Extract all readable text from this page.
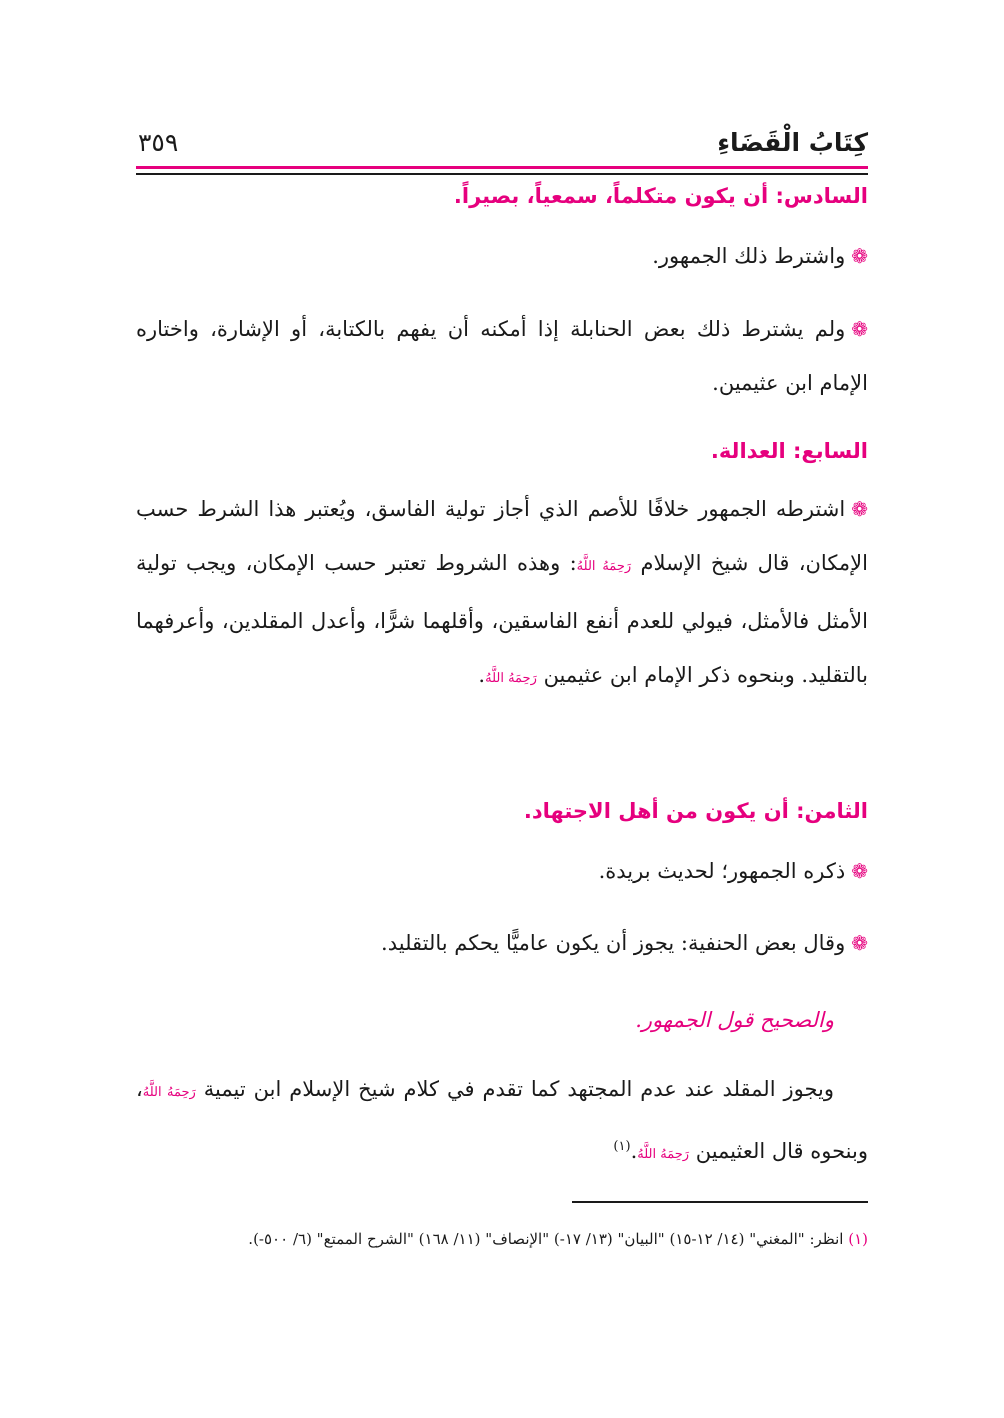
كِتَابُ الْقَضَاءِ
٣٥٩
السادس: أن يكون متكلماً، سمعياً، بصيراً.
❁واشترط ذلك الجمهور.
❁ولم يشترط ذلك بعض الحنابلة إذا أمكنه أن يفهم بالكتابة، أو الإشارة، واختاره الإمام ابن عثيمين.
السابع: العدالة.
❁اشترطه الجمهور خلافًا للأصم الذي أجاز تولية الفاسق، ويُعتبر هذا الشرط حسب الإمكان، قال شيخ الإسلام رَحِمَهُ اللَّهُ: وهذه الشروط تعتبر حسب الإمكان، ويجب تولية الأمثل فالأمثل، فيولي للعدم أنفع الفاسقين، وأقلهما شرًّا، وأعدل المقلدين، وأعرفهما بالتقليد. وبنحوه ذكر الإمام ابن عثيمين رَحِمَهُ اللَّهُ.
الثامن: أن يكون من أهل الاجتهاد.
❁ذكره الجمهور؛ لحديث بريدة.
❁وقال بعض الحنفية: يجوز أن يكون عاميًّا يحكم بالتقليد.
والصحيح قول الجمهور.
ويجوز المقلد عند عدم المجتهد كما تقدم في كلام شيخ الإسلام ابن تيمية رَحِمَهُ اللَّهُ، وبنحوه قال العثيمين رَحِمَهُ اللَّهُ.$^{(١)}$
(١) انظر: "المغني" (١٤/ ١٢-١٥) "البيان" (١٣/ ١٧-) "الإنصاف" (١١/ ١٦٨) "الشرح الممتع" (٦/ ٥٠٠-).
